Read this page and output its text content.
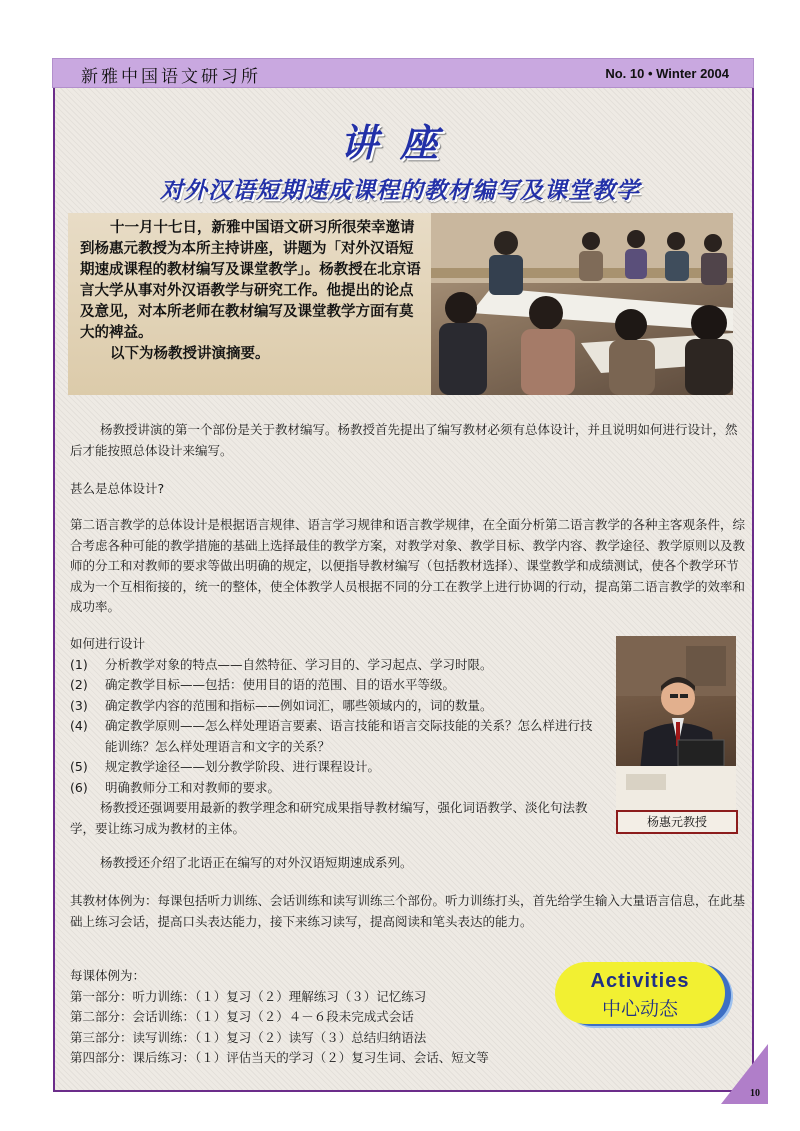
新雅中国语文研习所	No. 10 • Winter 2004
讲座
对外汉语短期速成课程的教材编写及课堂教学

十一月十七日，新雅中国语文研习所很荣幸邀请到杨惠元教授为本所主持讲座，讲题为「对外汉语短期速成课程的教材编写及课堂教学」。杨教授在北京语言大学从事对外汉语教学与研究工作。他提出的论点及意见，对本所老师在教材编写及课堂教学方面有莫大的裨益。

以下为杨教授讲演摘要。

杨教授讲演的第一个部份是关于教材编写。杨教授首先提出了编写教材必须有总体设计，并且说明如何进行设计，然后才能按照总体设计来编写。

甚么是总体设计?

第二语言教学的总体设计是根据语言规律、语言学习规律和语言教学规律，在全面分析第二语言教学的各种主客观条件，综合考虑各种可能的教学措施的基础上选择最佳的教学方案，对教学对象、教学目标、教学内容、教学途径、教学原则以及教师的分工和对教师的要求等做出明确的规定，以便指导教材编写（包括教材选择）、课堂教学和成绩测试，使各个教学环节成为一个互相衔接的，统一的整体，使全体教学人员根据不同的分工在教学上进行协调的行动，提高第二语言教学的效率和成功率。

如何进行设计

(1) 分析教学对象的特点——自然特征、学习目的、学习起点、学习时限。
(2) 确定教学目标——包括：使用目的语的范围、目的语水平等级。
(3) 确定教学内容的范围和指标——例如词汇，哪些领域内的，词的数量。
(4) 确定教学原则——怎么样处理语言要素、语言技能和语言交际技能的关系？怎么样进行技能训练？怎么样处理语言和文字的关系？
(5) 规定教学途径——划分教学阶段、进行课程设计。
(6) 明确教师分工和对教师的要求。
杨惠元教授

杨教授还强调要用最新的教学理念和研究成果指导教材编写，强化词语教学、淡化句法教学，要让练习成为教材的主体。

杨教授还介绍了北语正在编写的对外汉语短期速成系列。

其教材体例为：每课包括听力训练、会话训练和读写训练三个部份。听力训练打头，首先给学生输入大量语言信息，在此基础上练习会话，提高口头表达能力，接下来练习读写，提高阅读和笔头表达的能力。

每课体例为：

第一部分：听力训练：（１）复习（２）理解练习（３）记忆练习

第二部分：会话训练：（１）复习（２）４－６段未完成式会话

第三部分：读写训练：（１）复习（２）读写（３）总结归纳语法

第四部分：课后练习：（１）评估当天的学习（２）复习生词、会话、短文等

Activities
中心动态
10
